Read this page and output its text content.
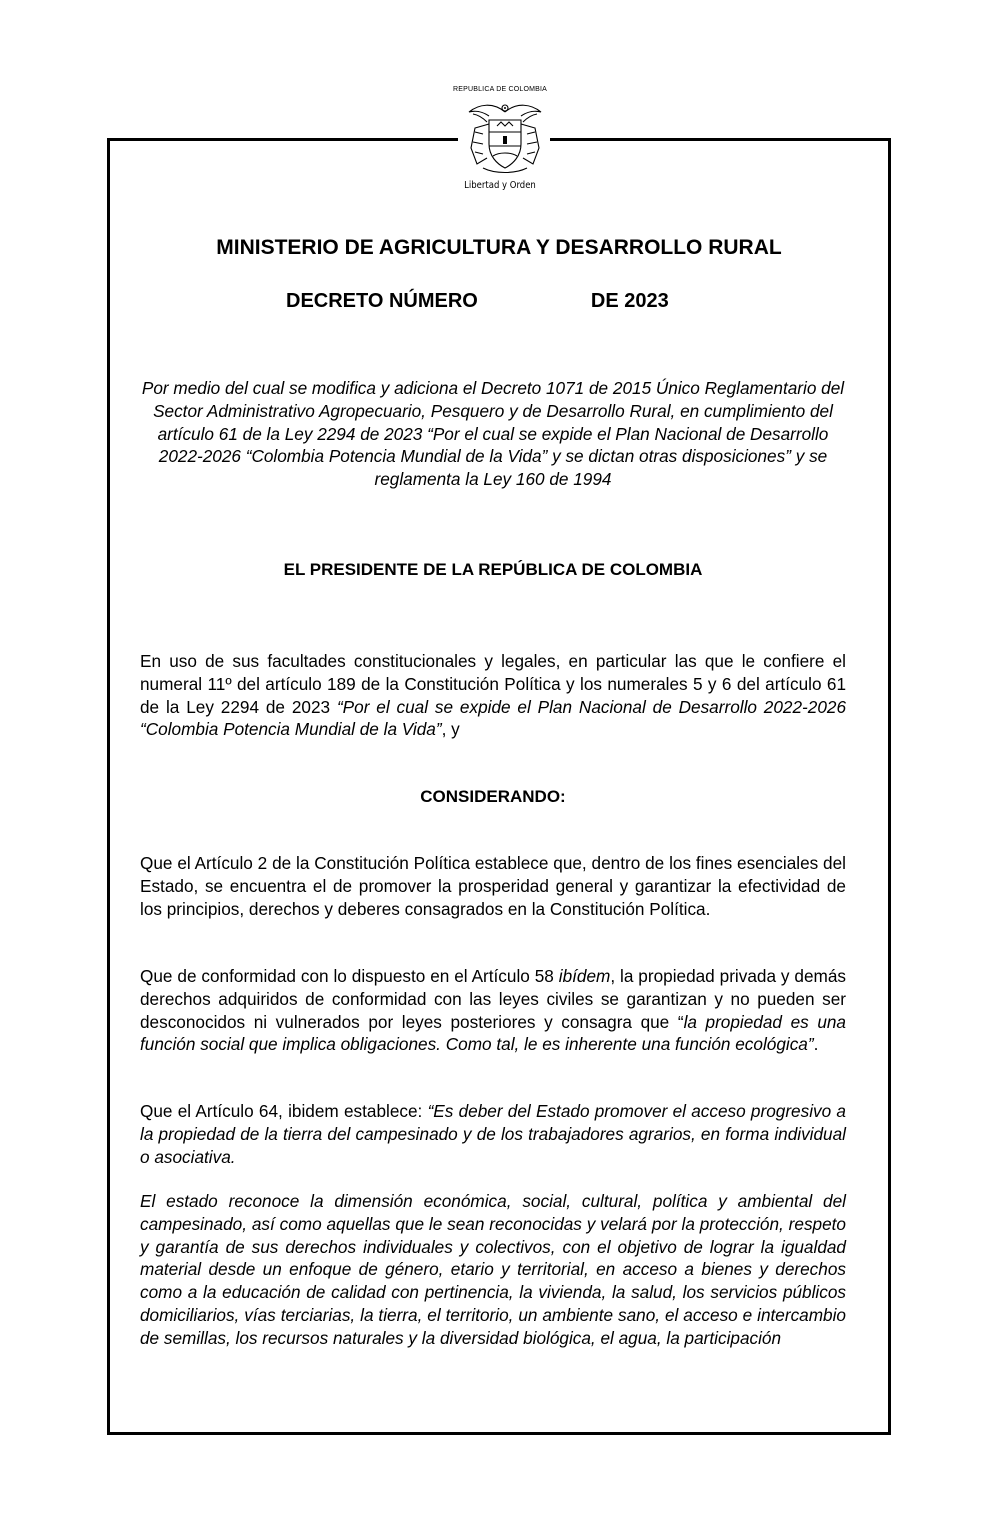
REPUBLICA DE COLOMBIA
Libertad y Orden
MINISTERIO DE AGRICULTURA Y DESARROLLO RURAL
DECRETO NÚMERO	DE 2023
Por medio del cual se modifica y adiciona el Decreto 1071 de 2015 Único Reglamentario del Sector Administrativo Agropecuario, Pesquero y de Desarrollo Rural, en cumplimiento del artículo 61 de la Ley 2294 de 2023 “Por el cual se expide el Plan Nacional de Desarrollo 2022-2026 “Colombia Potencia Mundial de la Vida” y se dictan otras disposiciones” y se reglamenta la Ley 160 de 1994
EL PRESIDENTE DE LA REPÚBLICA DE COLOMBIA
En uso de sus facultades constitucionales y legales, en particular las que le confiere el numeral 11º del artículo 189 de la Constitución Política y los numerales 5 y 6 del artículo 61 de la Ley 2294 de 2023 “Por el cual se expide el Plan Nacional de Desarrollo 2022-2026 “Colombia Potencia Mundial de la Vida”, y
CONSIDERANDO:
Que el Artículo 2 de la Constitución Política establece que, dentro de los fines esenciales del Estado, se encuentra el de promover la prosperidad general y garantizar la efectividad de los principios, derechos y deberes consagrados en la Constitución Política.
Que de conformidad con lo dispuesto en el Artículo 58 ibídem, la propiedad privada y demás derechos adquiridos de conformidad con las leyes civiles se garantizan y no pueden ser desconocidos ni vulnerados por leyes posteriores y consagra que “la propiedad es una función social que implica obligaciones. Como tal, le es inherente una función ecológica”.
Que el Artículo 64, ibidem establece: “Es deber del Estado promover el acceso progresivo a la propiedad de la tierra del campesinado y de los trabajadores agrarios, en forma individual o asociativa.
El estado reconoce la dimensión económica, social, cultural, política y ambiental del campesinado, así como aquellas que le sean reconocidas y velará por la protección, respeto y garantía de sus derechos individuales y colectivos, con el objetivo de lograr la igualdad material desde un enfoque de género, etario y territorial, en acceso a bienes y derechos como a la educación de calidad con pertinencia, la vivienda, la salud, los servicios públicos domiciliarios, vías terciarias, la tierra, el territorio, un ambiente sano, el acceso e intercambio de semillas, los recursos naturales y la diversidad biológica, el agua, la participación
